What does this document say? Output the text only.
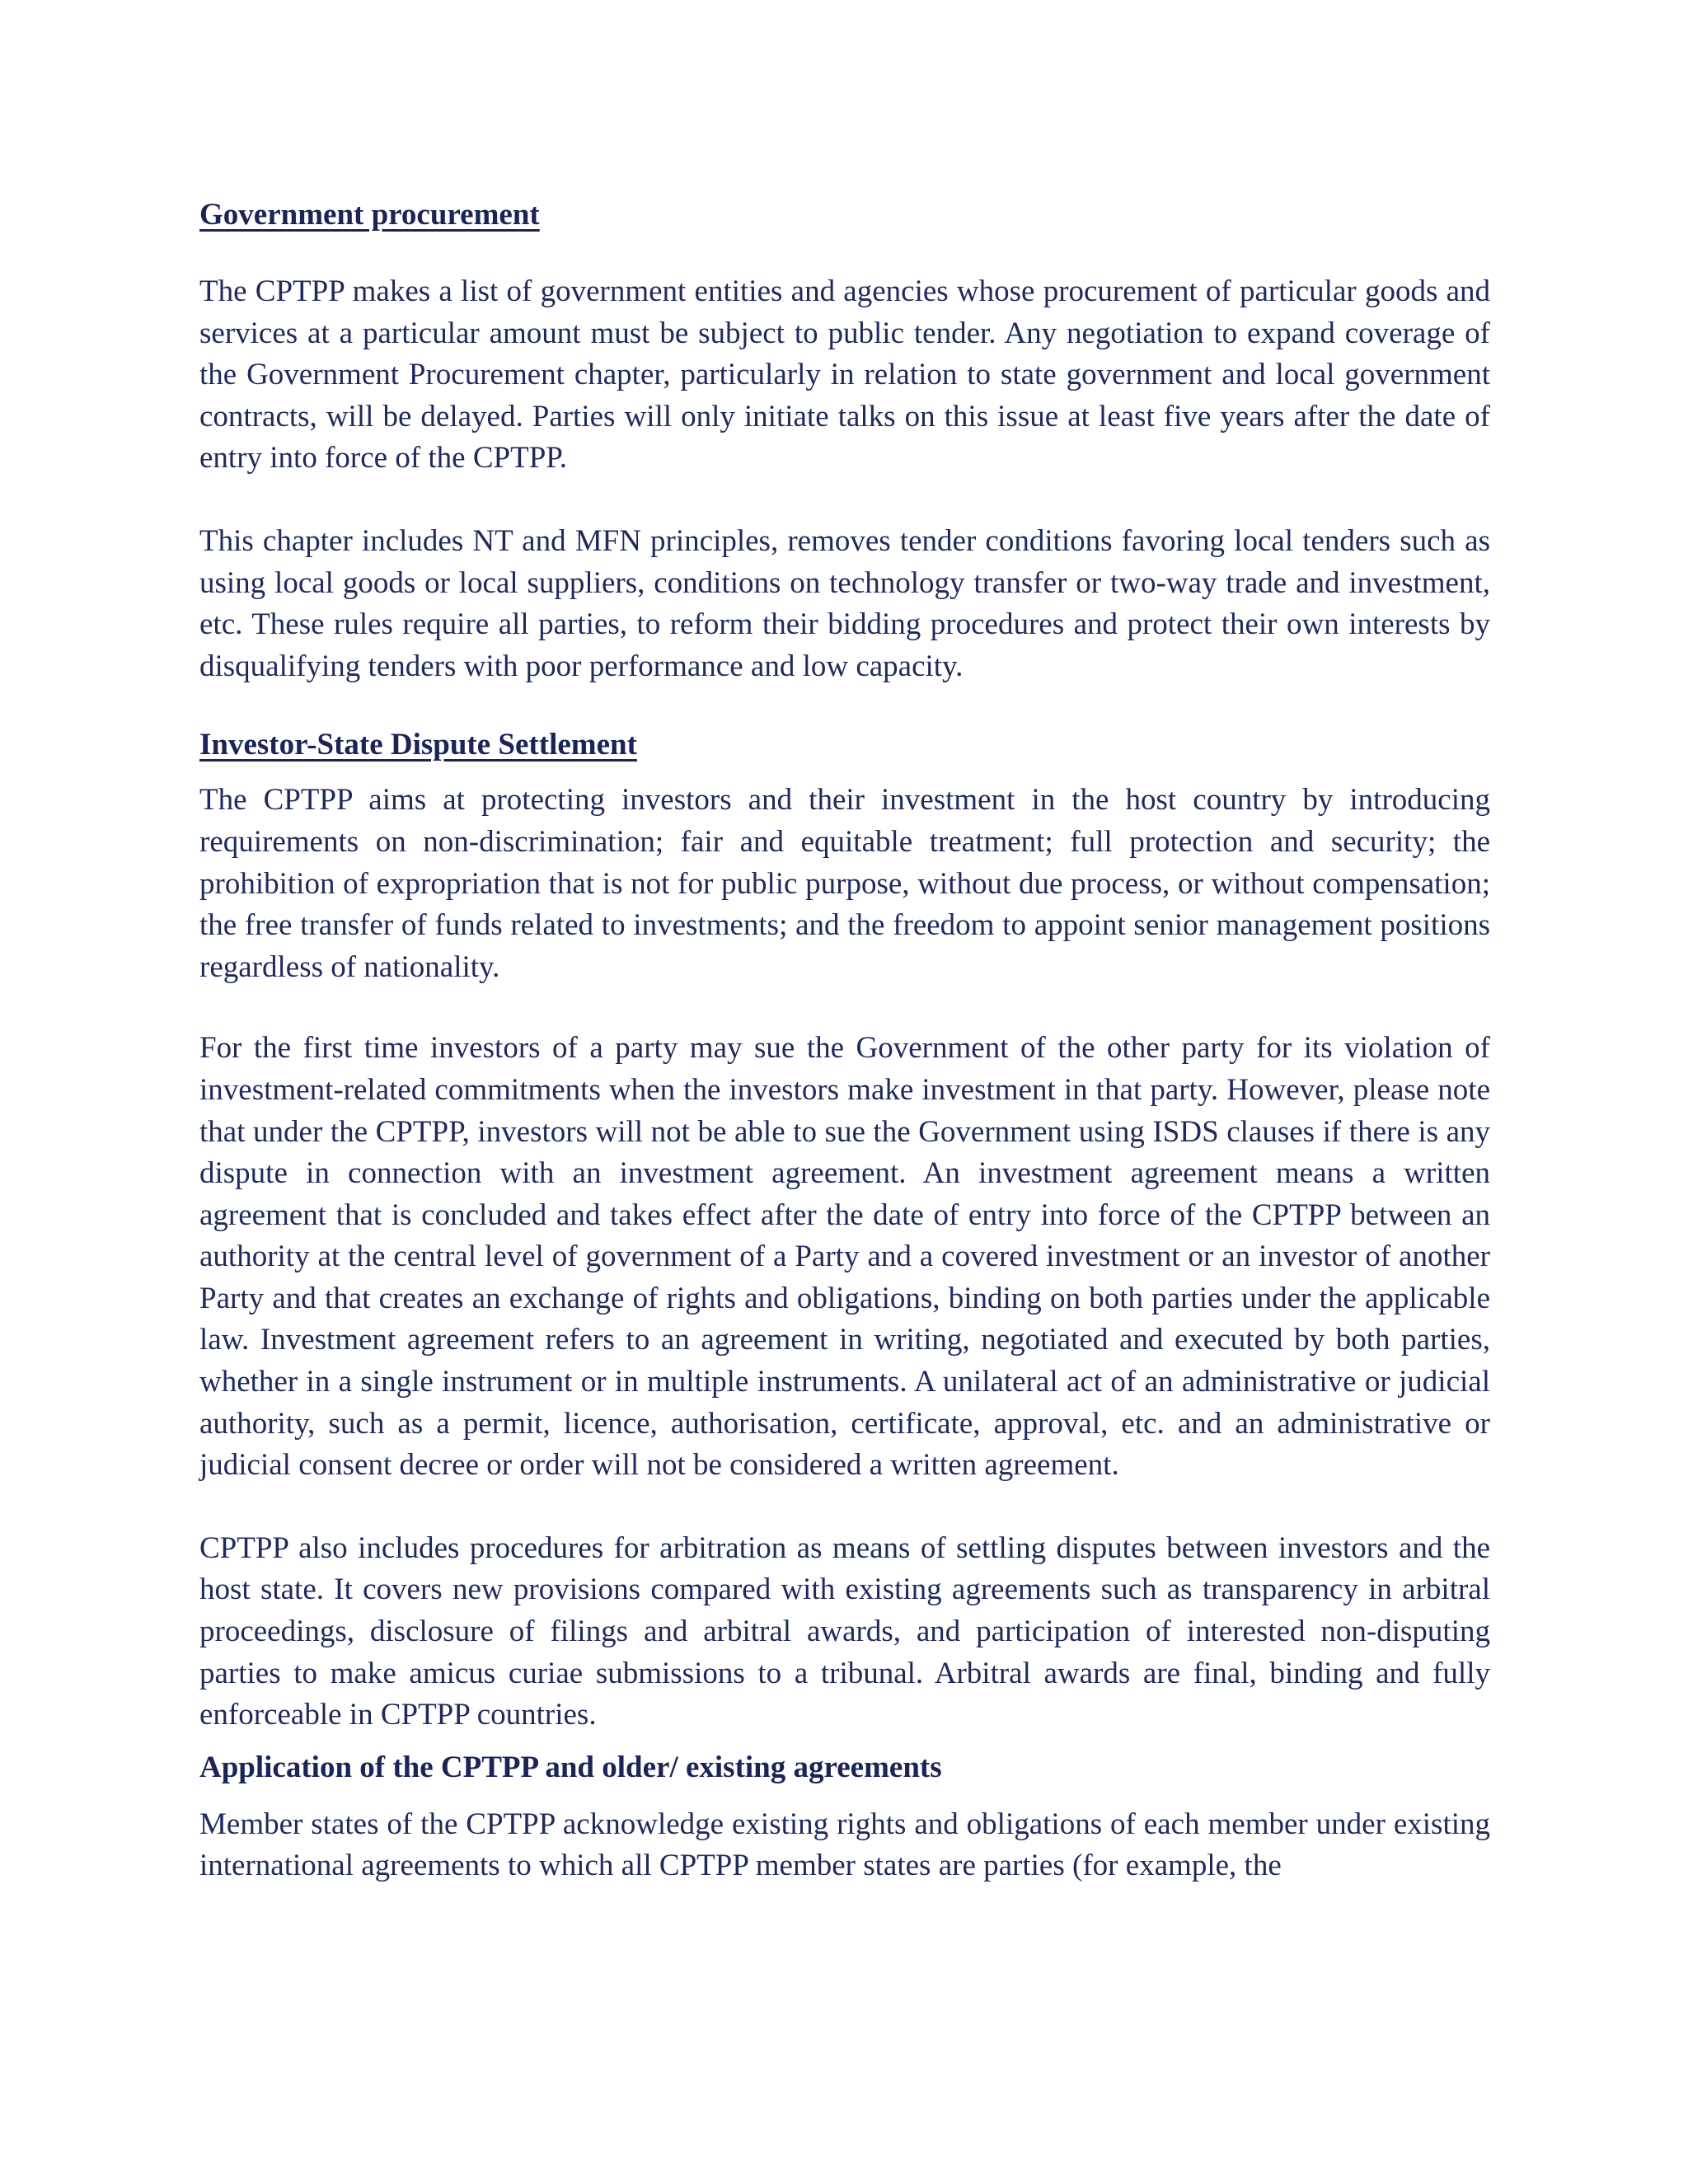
Government procurement

The CPTPP makes a list of government entities and agencies whose procurement of particular goods and services at a particular amount must be subject to public tender. Any negotiation to expand coverage of the Government Procurement chapter, particularly in relation to state government and local government contracts, will be delayed. Parties will only initiate talks on this issue at least five years after the date of entry into force of the CPTPP.

This chapter includes NT and MFN principles, removes tender conditions favoring local tenders such as using local goods or local suppliers, conditions on technology transfer or two-way trade and investment, etc. These rules require all parties, to reform their bidding procedures and protect their own interests by disqualifying tenders with poor performance and low capacity.

Investor-State Dispute Settlement

The CPTPP aims at protecting investors and their investment in the host country by introducing requirements on non-discrimination; fair and equitable treatment; full protection and security; the prohibition of expropriation that is not for public purpose, without due process, or without compensation; the free transfer of funds related to investments; and the freedom to appoint senior management positions regardless of nationality.

For the first time investors of a party may sue the Government of the other party for its violation of investment-related commitments when the investors make investment in that party. However, please note that under the CPTPP, investors will not be able to sue the Government using ISDS clauses if there is any dispute in connection with an investment agreement. An investment agreement means a written agreement that is concluded and takes effect after the date of entry into force of the CPTPP between an authority at the central level of government of a Party and a covered investment or an investor of another Party and that creates an exchange of rights and obligations, binding on both parties under the applicable law. Investment agreement refers to an agreement in writing, negotiated and executed by both parties, whether in a single instrument or in multiple instruments. A unilateral act of an administrative or judicial authority, such as a permit, licence, authorisation, certificate, approval, etc. and an administrative or judicial consent decree or order will not be considered a written agreement.

CPTPP also includes procedures for arbitration as means of settling disputes between investors and the host state. It covers new provisions compared with existing agreements such as transparency in arbitral proceedings, disclosure of filings and arbitral awards, and participation of interested non-disputing parties to make amicus curiae submissions to a tribunal. Arbitral awards are final, binding and fully enforceable in CPTPP countries.

Application of the CPTPP and older/ existing agreements

Member states of the CPTPP acknowledge existing rights and obligations of each member under existing international agreements to which all CPTPP member states are parties (for example, the
